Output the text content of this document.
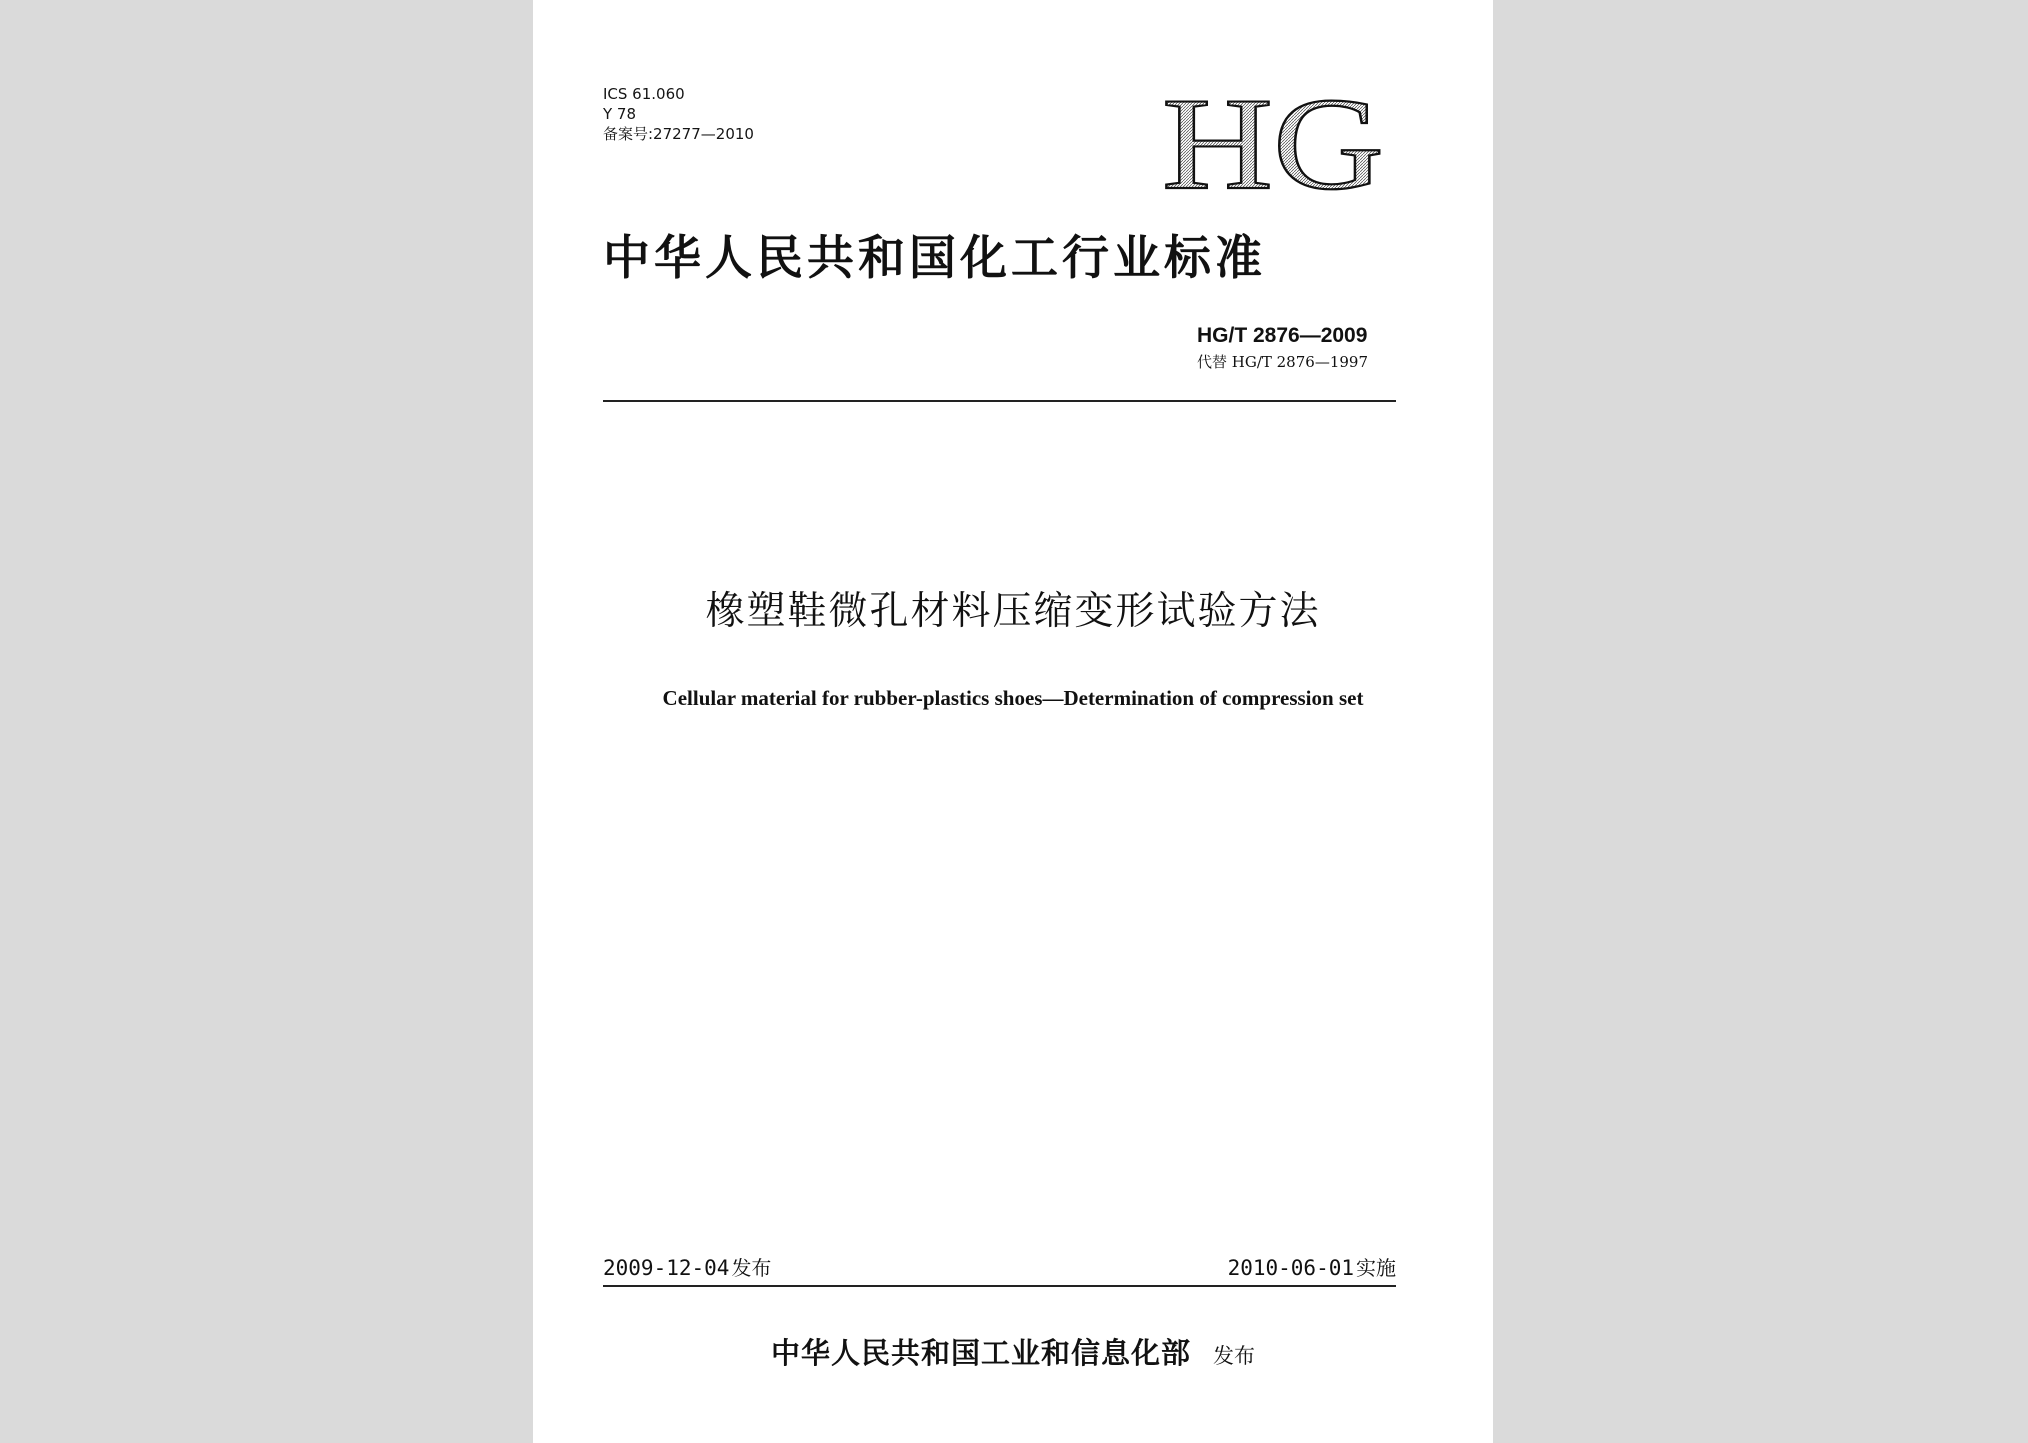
ICS 61.060
Y 78
备案号:27277—2010	HG
中华人民共和国化工行业标准
HG/T 2876—2009
代替 HG/T 2876—1997
橡塑鞋微孔材料压缩变形试验方法
Cellular material for rubber-plastics shoes—Determination of compression set
2009-12-04 发布	2010-06-01 实施
中华人民共和国工业和信息化部 发布
